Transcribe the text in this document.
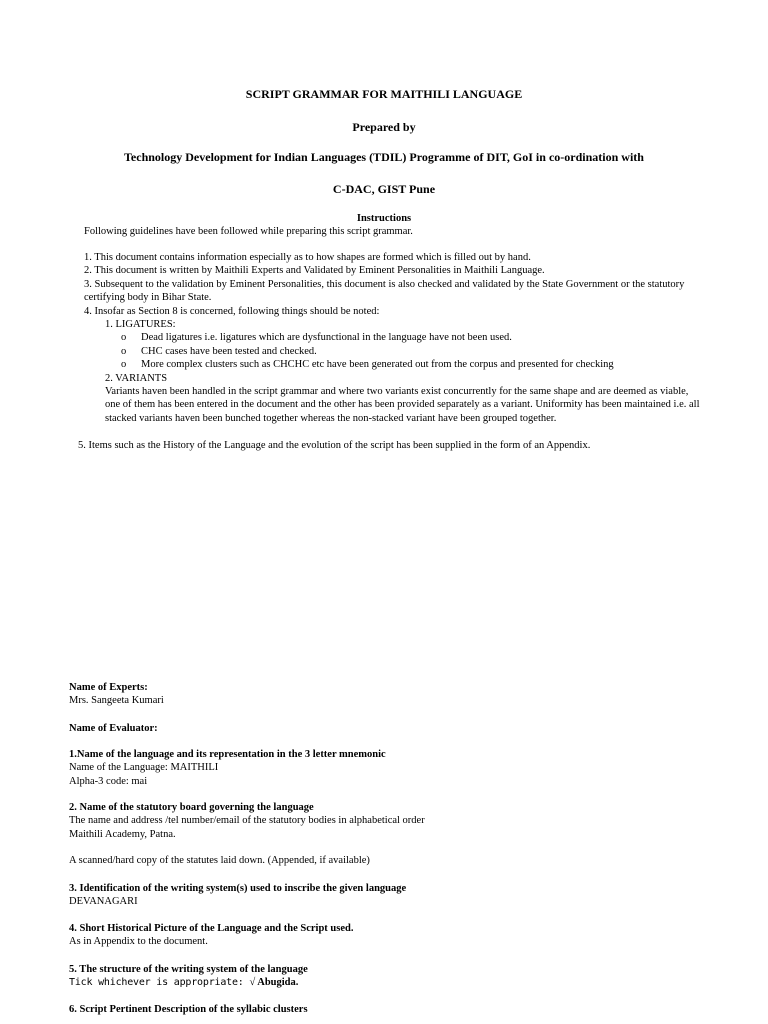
SCRIPT GRAMMAR FOR MAITHILI LANGUAGE
Prepared by
Technology Development for Indian Languages (TDIL) Programme of DIT, GoI in co-ordination with
C-DAC, GIST Pune
Instructions
Following guidelines have been followed while preparing this script grammar.

1. This document contains information especially as to how shapes are formed which is filled out by hand.

2. This document is written by Maithili Experts and Validated by Eminent Personalities in Maithili Language.

3. Subsequent to the validation by Eminent Personalities, this document is also checked and validated by the State Government or the statutory certifying body in Bihar State.

4. Insofar as Section 8 is concerned, following things should be noted:

1. LIGATURES:

o Dead ligatures i.e. ligatures which are dysfunctional in the language have not been used.

o CHC cases have been tested and checked.

o More complex clusters such as CHCHC etc have been generated out from the corpus and presented for checking

2. VARIANTS

Variants haven been handled in the script grammar and where two variants exist concurrently for the same shape and are deemed as viable, one of them has been entered in the document and the other has been provided separately as a variant. Uniformity has been maintained i.e. all stacked variants haven been bunched together whereas the non-stacked variant have been grouped together.

5. Items such as the History of the Language and the evolution of the script has been supplied in the form of an Appendix.

Name of Experts:

Mrs. Sangeeta Kumari

Name of Evaluator:

1.Name of the language and its representation in the 3 letter mnemonic

Name of the Language: MAITHILI

Alpha-3 code: mai

2. Name of the statutory board governing the language

The name and address /tel number/email of the statutory bodies in alphabetical order

Maithili Academy, Patna.

A scanned/hard copy of the statutes laid down. (Appended, if available)

3. Identification of the writing system(s) used to inscribe the given language

DEVANAGARI

4. Short Historical Picture of the Language and the Script used.

As in Appendix to the document.

5. The structure of the writing system of the language

Tick whichever is appropriate: √ Abugida.

6. Script Pertinent Description of the syllabic clusters
